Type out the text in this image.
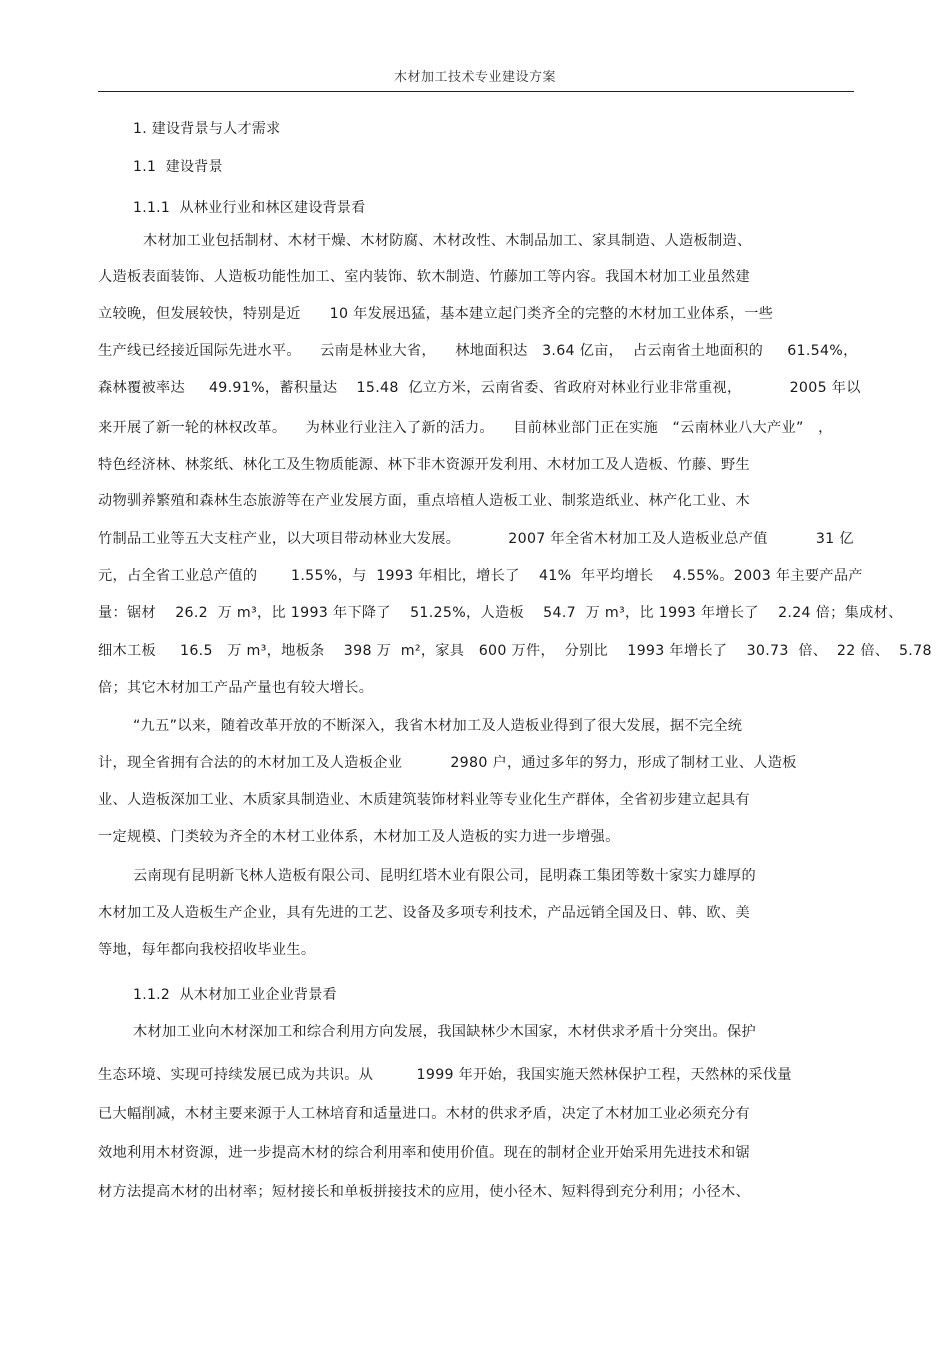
木材加工技术专业建设方案
1. 建设背景与人才需求
1.1  建设背景
1.1.1  从林业行业和林区建设背景看
木材加工业包括制材、木材干燥、木材防腐、木材改性、木制品加工、家具制造、人造板制造、
人造板表面装饰、人造板功能性加工、室内装饰、软木制造、竹藤加工等内容。我国木材加工业虽然建
立较晚，但发展较快，特别是近      10 年发展迅猛，基本建立起门类齐全的完整的木材加工业体系，一些
生产线已经接近国际先进水平。    云南是林业大省，    林地面积达   3.64 亿亩，  占云南省土地面积的     61.54%，
森林覆被率达     49.91%，蓄积量达    15.48  亿立方米，云南省委、省政府对林业行业非常重视，          2005 年以
来开展了新一轮的林权改革。    为林业行业注入了新的活力。    目前林业部门正在实施   “云南林业八大产业”   ，
特色经济林、林浆纸、林化工及生物质能源、林下非木资源开发利用、木材加工及人造板、竹藤、野生
动物驯养繁殖和森林生态旅游等在产业发展方面，重点培植人造板工业、制浆造纸业、林产化工业、木
竹制品工业等五大支柱产业，以大项目带动林业大发展。          2007 年全省木材加工及人造板业总产值          31 亿
元，占全省工业总产值的       1.55%，与  1993 年相比，增长了    41%  年平均增长    4.55%。2003 年主要产品产
量：锯材    26.2  万 m³，比 1993 年下降了    51.25%，人造板    54.7  万 m³，比 1993 年增长了    2.24 倍；集成材、
细木工板     16.5   万 m³，地板条    398 万  m²，家具   600 万件，  分别比    1993 年增长了    30.73  倍、  22 倍、  5.78
倍；其它木材加工产品产量也有较大增长。
“九五”以来，随着改革开放的不断深入，我省木材加工及人造板业得到了很大发展，据不完全统
计，现全省拥有合法的的木材加工及人造板企业          2980 户，通过多年的努力，形成了制材工业、人造板
业、人造板深加工业、木质家具制造业、木质建筑装饰材料业等专业化生产群体，全省初步建立起具有
一定规模、门类较为齐全的木材工业体系，木材加工及人造板的实力进一步增强。
云南现有昆明新飞林人造板有限公司、昆明红塔木业有限公司，昆明森工集团等数十家实力雄厚的
木材加工及人造板生产企业，具有先进的工艺、设备及多项专利技术，产品远销全国及日、韩、欧、美
等地，每年都向我校招收毕业生。
1.1.2  从木材加工业企业背景看
木材加工业向木材深加工和综合利用方向发展，我国缺林少木国家，木材供求矛盾十分突出。保护
生态环境、实现可持续发展已成为共识。从         1999 年开始，我国实施天然林保护工程，天然林的采伐量
已大幅削减，木材主要来源于人工林培育和适量进口。木材的供求矛盾，决定了木材加工业必须充分有
效地利用木材资源，进一步提高木材的综合利用率和使用价值。现在的制材企业开始采用先进技术和锯
材方法提高木材的出材率；短材接长和单板拼接技术的应用，使小径木、短料得到充分利用；小径木、
